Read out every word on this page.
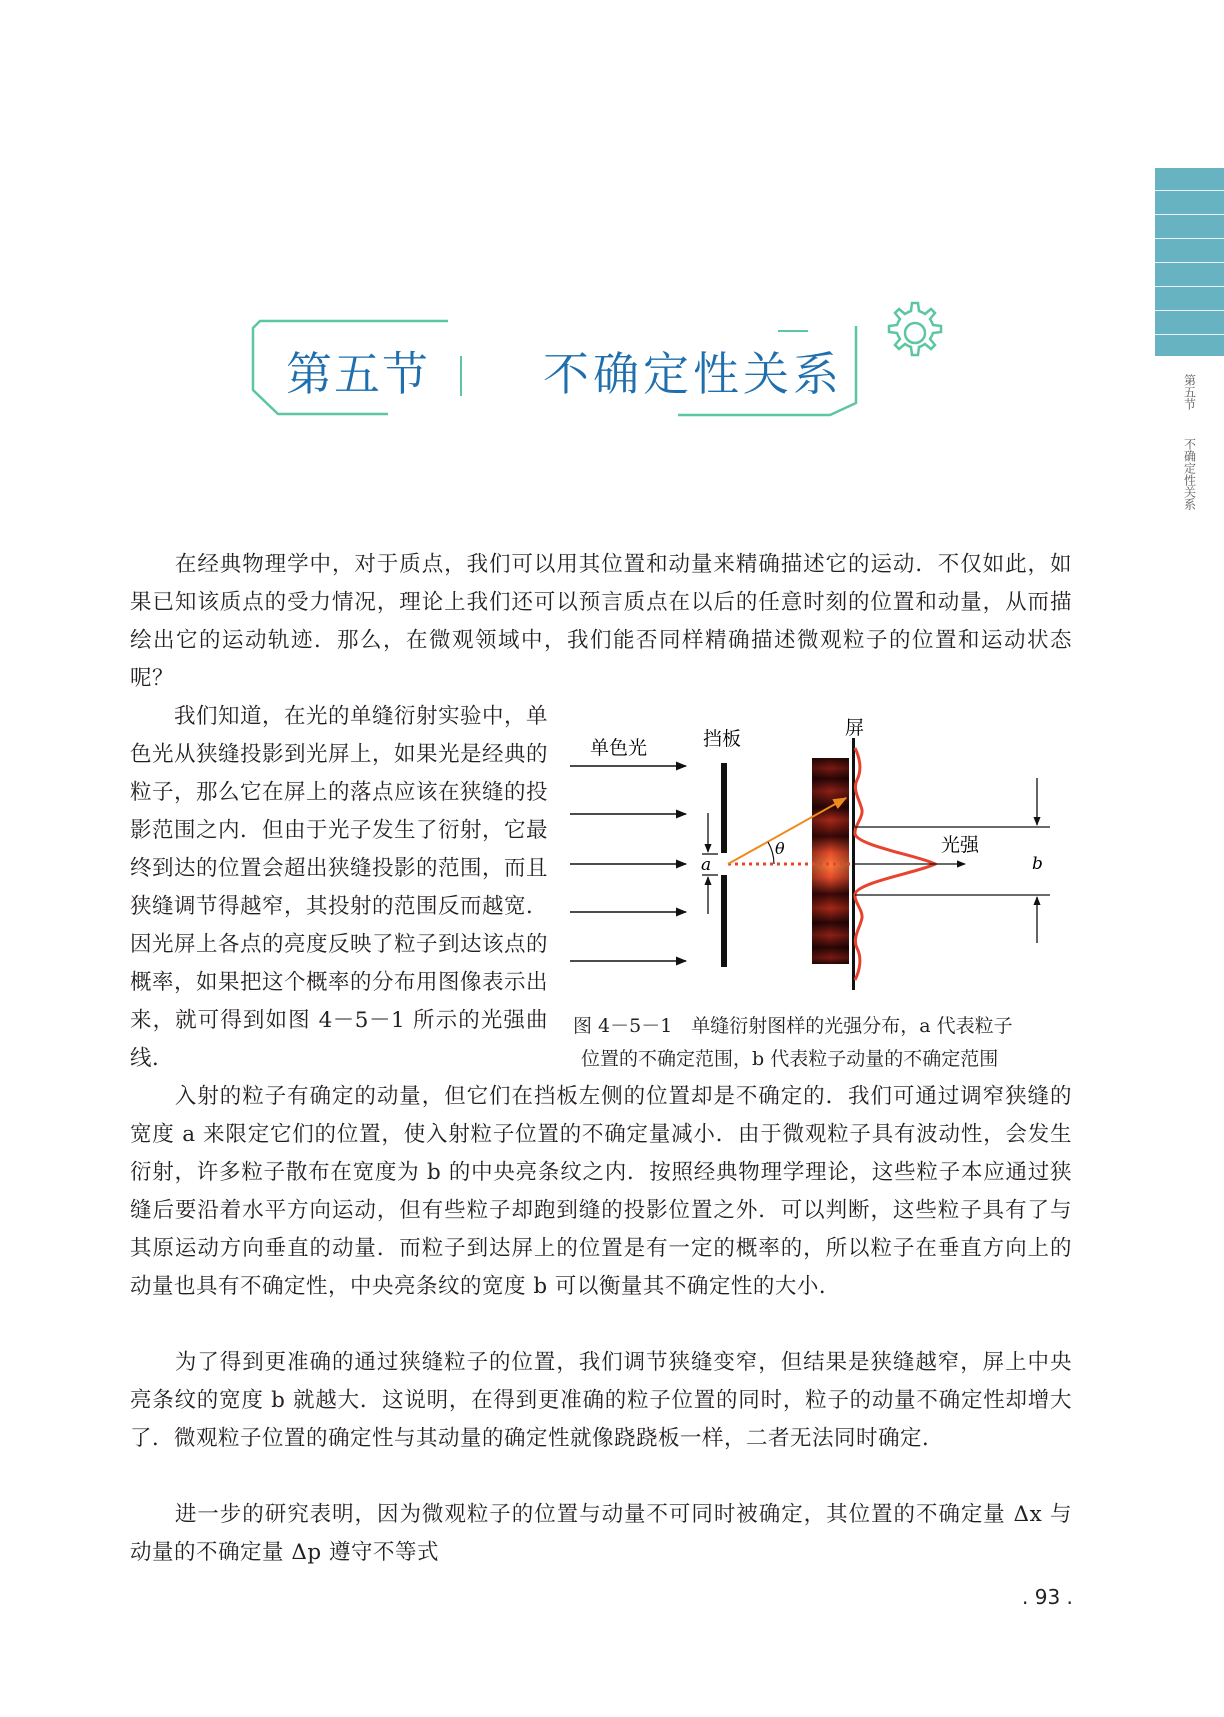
第五节 不确定性关系	第五节
不确定性关系

　　在经典物理学中，对于质点，我们可以用其位置和动量来精确描述它的运动．不仅如此，如果已知该质点的受力情况，理论上我们还可以预言质点在以后的任意时刻的位置和动量，从而描绘出它的运动轨迹．那么，在微观领域中，我们能否同样精确描述微观粒子的位置和运动状态呢？

　　我们知道，在光的单缝衍射实验中，单色光从狭缝投影到光屏上，如果光是经典的粒子，那么它在屏上的落点应该在狭缝的投影范围之内．但由于光子发生了衍射，它最终到达的位置会超出狭缝投影的范围，而且狭缝调节得越窄，其投射的范围反而越宽．因光屏上各点的亮度反映了粒子到达该点的概率，如果把这个概率的分布用图像表示出来，就可得到如图 4－5－1 所示的光强曲线．

　　入射的粒子有确定的动量，但它们在挡板左侧的位置却是不确定的．我们可通过调窄狭缝的宽度 a 来限定它们的位置，使入射粒子位置的不确定量减小．由于微观粒子具有波动性，会发生衍射，许多粒子散布在宽度为 b 的中央亮条纹之内．按照经典物理学理论，这些粒子本应通过狭缝后要沿着水平方向运动，但有些粒子却跑到缝的投影位置之外．可以判断，这些粒子具有了与其原运动方向垂直的动量．而粒子到达屏上的位置是有一定的概率的，所以粒子在垂直方向上的动量也具有不确定性，中央亮条纹的宽度 b 可以衡量其不确定性的大小．

　　为了得到更准确的通过狭缝粒子的位置，我们调节狭缝变窄，但结果是狭缝越窄，屏上中央亮条纹的宽度 b 就越大．这说明，在得到更准确的粒子位置的同时，粒子的动量不确定性却增大了．微观粒子位置的确定性与其动量的确定性就像跷跷板一样，二者无法同时确定．

　　进一步的研究表明，因为微观粒子的位置与动量不可同时被确定，其位置的不确定量 Δx 与动量的不确定量 Δp 遵守不等式

单色光	挡板
a
屏
θ	光强
b
图 4－5－1　单缝衍射图样的光强分布，a 代表粒子
位置的不确定范围，b 代表粒子动量的不确定范围
. 93 .
